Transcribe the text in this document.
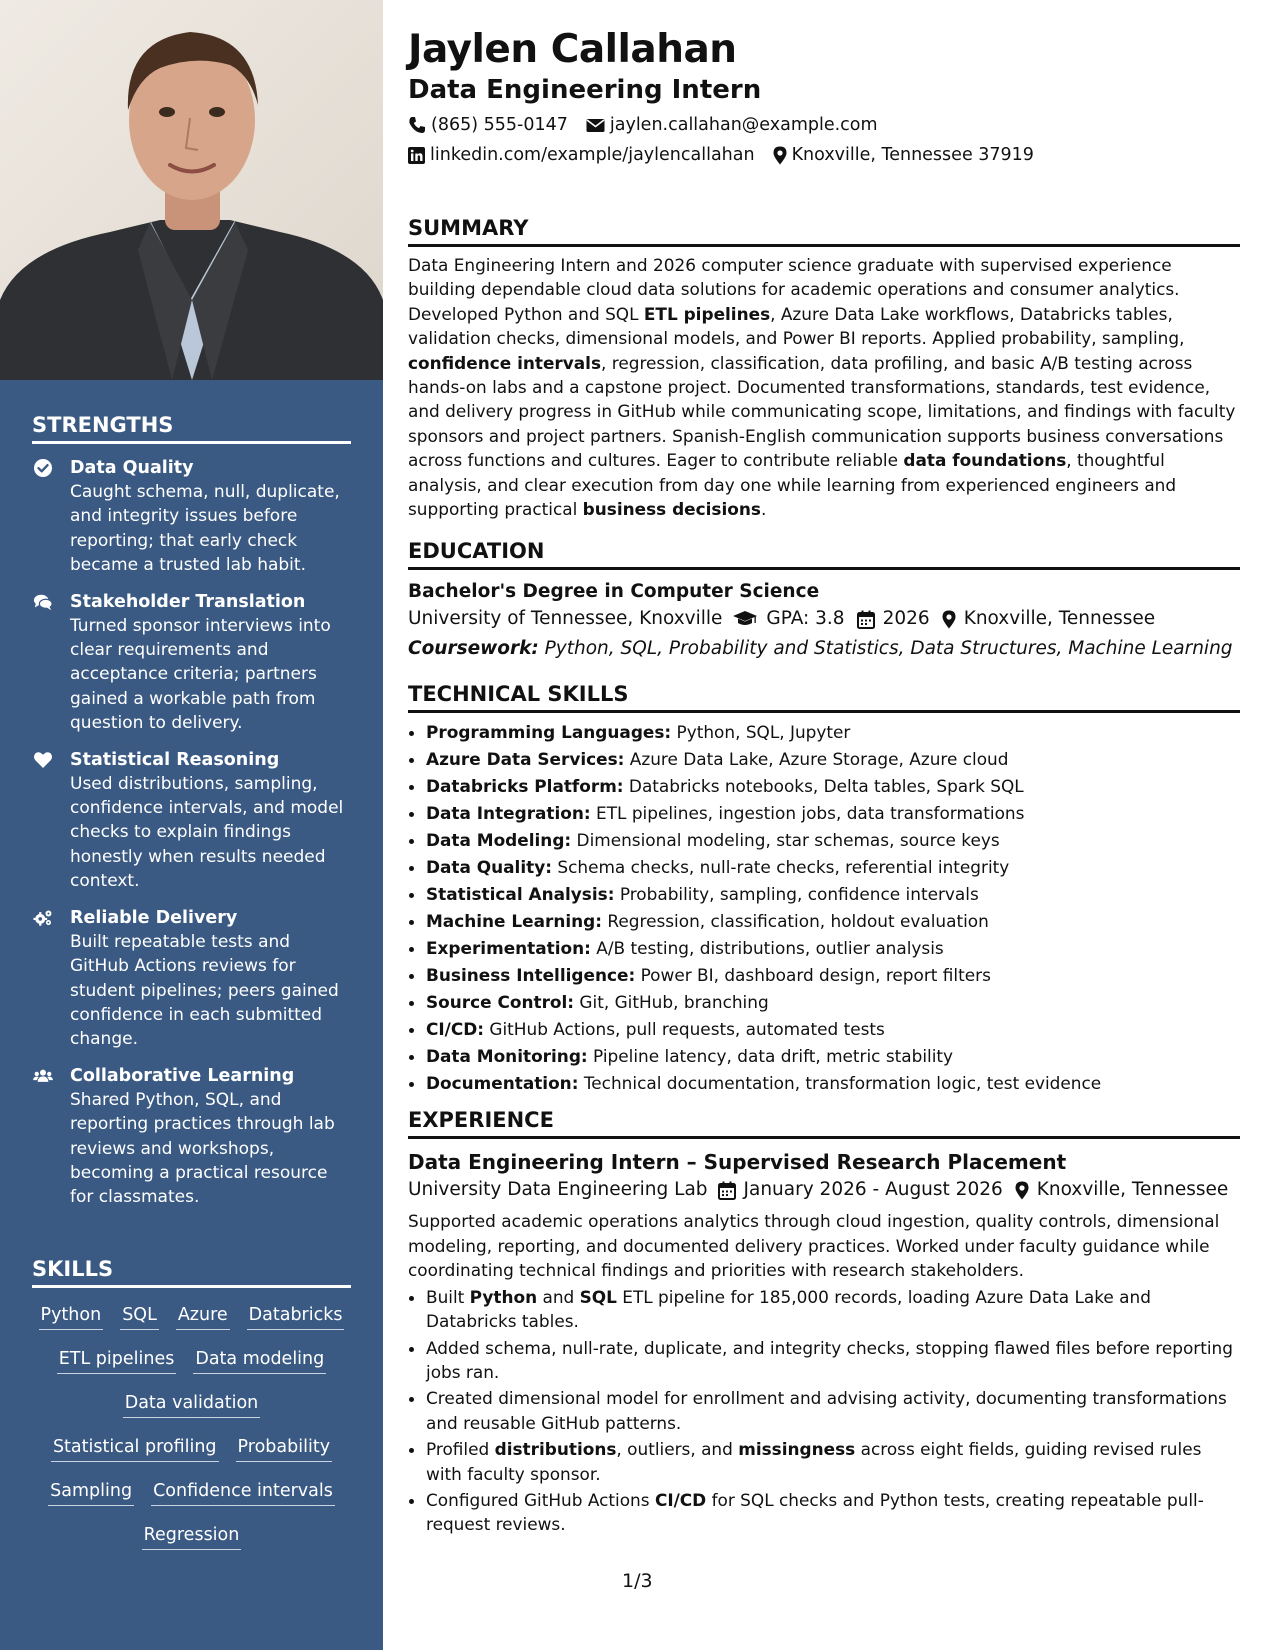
STRENGTHS
Data Quality
Caught schema, null, duplicate, and integrity issues before reporting; that early check became a trusted lab habit.
Stakeholder Translation
Turned sponsor interviews into clear requirements and acceptance criteria; partners gained a workable path from question to delivery.
Statistical Reasoning
Used distributions, sampling, confidence intervals, and model checks to explain findings honestly when results needed context.
Reliable Delivery
Built repeatable tests and GitHub Actions reviews for student pipelines; peers gained confidence in each submitted change.
Collaborative Learning
Shared Python, SQL, and reporting practices through lab reviews and workshops, becoming a practical resource for classmates.
SKILLS
Python SQL Azure Databricks
ETL pipelines Data modeling
Data validation
Statistical profiling Probability
Sampling Confidence intervals
Regression
Jaylen Callahan
Data Engineering Intern
(865) 555-0147 jaylen.callahan@example.com
linkedin.com/example/jaylencallahan Knoxville, Tennessee 37919
SUMMARY

Data Engineering Intern and 2026 computer science graduate with supervised experience building dependable cloud data solutions for academic operations and consumer analytics. Developed Python and SQL ETL pipelines, Azure Data Lake workflows, Databricks tables, validation checks, dimensional models, and Power BI reports. Applied probability, sampling, confidence intervals, regression, classification, data profiling, and basic A/B testing across hands-on labs and a capstone project. Documented transformations, standards, test evidence, and delivery progress in GitHub while communicating scope, limitations, and findings with faculty sponsors and project partners. Spanish-English communication supports business conversations across functions and cultures. Eager to contribute reliable data foundations, thoughtful analysis, and clear execution from day one while learning from experienced engineers and supporting practical business decisions.

EDUCATION
Bachelor's Degree in Computer Science
University of Tennessee, Knoxville GPA: 3.8 2026 Knoxville, Tennessee
Coursework: Python, SQL, Probability and Statistics, Data Structures, Machine Learning
TECHNICAL SKILLS
• Programming Languages: Python, SQL, Jupyter
• Azure Data Services: Azure Data Lake, Azure Storage, Azure cloud
• Databricks Platform: Databricks notebooks, Delta tables, Spark SQL
• Data Integration: ETL pipelines, ingestion jobs, data transformations
• Data Modeling: Dimensional modeling, star schemas, source keys
• Data Quality: Schema checks, null-rate checks, referential integrity
• Statistical Analysis: Probability, sampling, confidence intervals
• Machine Learning: Regression, classification, holdout evaluation
• Experimentation: A/B testing, distributions, outlier analysis
• Business Intelligence: Power BI, dashboard design, report filters
• Source Control: Git, GitHub, branching
• CI/CD: GitHub Actions, pull requests, automated tests
• Data Monitoring: Pipeline latency, data drift, metric stability
• Documentation: Technical documentation, transformation logic, test evidence
EXPERIENCE
Data Engineering Intern – Supervised Research Placement
University Data Engineering Lab January 2026 - August 2026 Knoxville, Tennessee

Supported academic operations analytics through cloud ingestion, quality controls, dimensional modeling, reporting, and documented delivery practices. Worked under faculty guidance while coordinating technical findings and priorities with research stakeholders.

• Built Python and SQL ETL pipeline for 185,000 records, loading Azure Data Lake and Databricks tables.
• Added schema, null-rate, duplicate, and integrity checks, stopping flawed files before reporting jobs ran.
• Created dimensional model for enrollment and advising activity, documenting transformations and reusable GitHub patterns.
• Profiled distributions, outliers, and missingness across eight fields, guiding revised rules with faculty sponsor.
• Configured GitHub Actions CI/CD for SQL checks and Python tests, creating repeatable pull-request reviews.
1/3
